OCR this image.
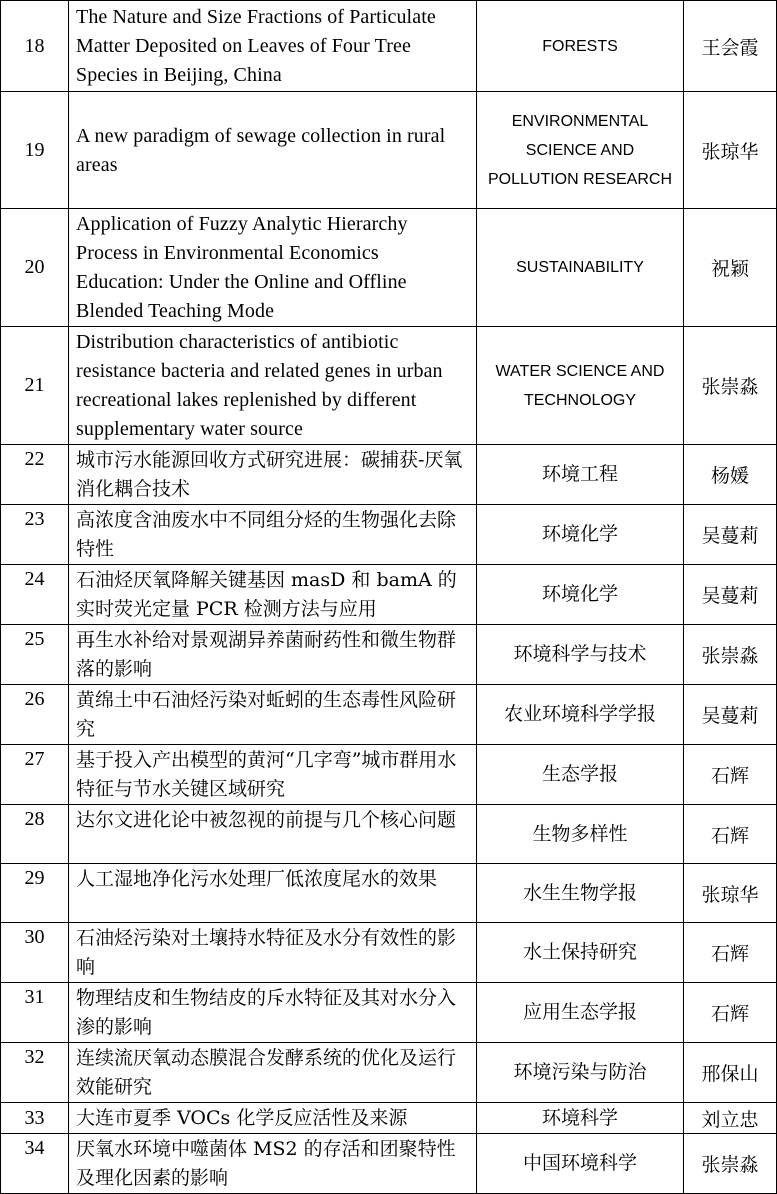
18	The Nature and Size Fractions of Particulate Matter Deposited on Leaves of Four Tree Species in Beijing, China	FORESTS	王会霞
19	A new paradigm of sewage collection in rural areas	ENVIRONMENTAL SCIENCE AND POLLUTION RESEARCH	张琼华
20	Application of Fuzzy Analytic Hierarchy Process in Environmental Economics Education: Under the Online and Offline Blended Teaching Mode	SUSTAINABILITY	祝颖
21	Distribution characteristics of antibiotic resistance bacteria and related genes in urban recreational lakes replenished by different supplementary water source	WATER SCIENCE AND TECHNOLOGY	张崇淼
22	城市污水能源回收方式研究进展：碳捕获-厌氧消化耦合技术	环境工程	杨媛
23	高浓度含油废水中不同组分烃的生物强化去除特性	环境化学	吴蔓莉
24	石油烃厌氧降解关键基因 masD 和 bamA 的实时荧光定量 PCR 检测方法与应用	环境化学	吴蔓莉
25	再生水补给对景观湖异养菌耐药性和微生物群落的影响	环境科学与技术	张崇淼
26	黄绵土中石油烃污染对蚯蚓的生态毒性风险研究	农业环境科学学报	吴蔓莉
27	基于投入产出模型的黄河“几字弯”城市群用水特征与节水关键区域研究	生态学报	石辉
28	达尔文进化论中被忽视的前提与几个核心问题	生物多样性	石辉
29	人工湿地净化污水处理厂低浓度尾水的效果	水生生物学报	张琼华
30	石油烃污染对土壤持水特征及水分有效性的影响	水土保持研究	石辉
31	物理结皮和生物结皮的斥水特征及其对水分入渗的影响	应用生态学报	石辉
32	连续流厌氧动态膜混合发酵系统的优化及运行效能研究	环境污染与防治	邢保山
33	大连市夏季 VOCs 化学反应活性及来源	环境科学	刘立忠
34	厌氧水环境中噬菌体 MS2 的存活和团聚特性及理化因素的影响	中国环境科学	张崇淼
